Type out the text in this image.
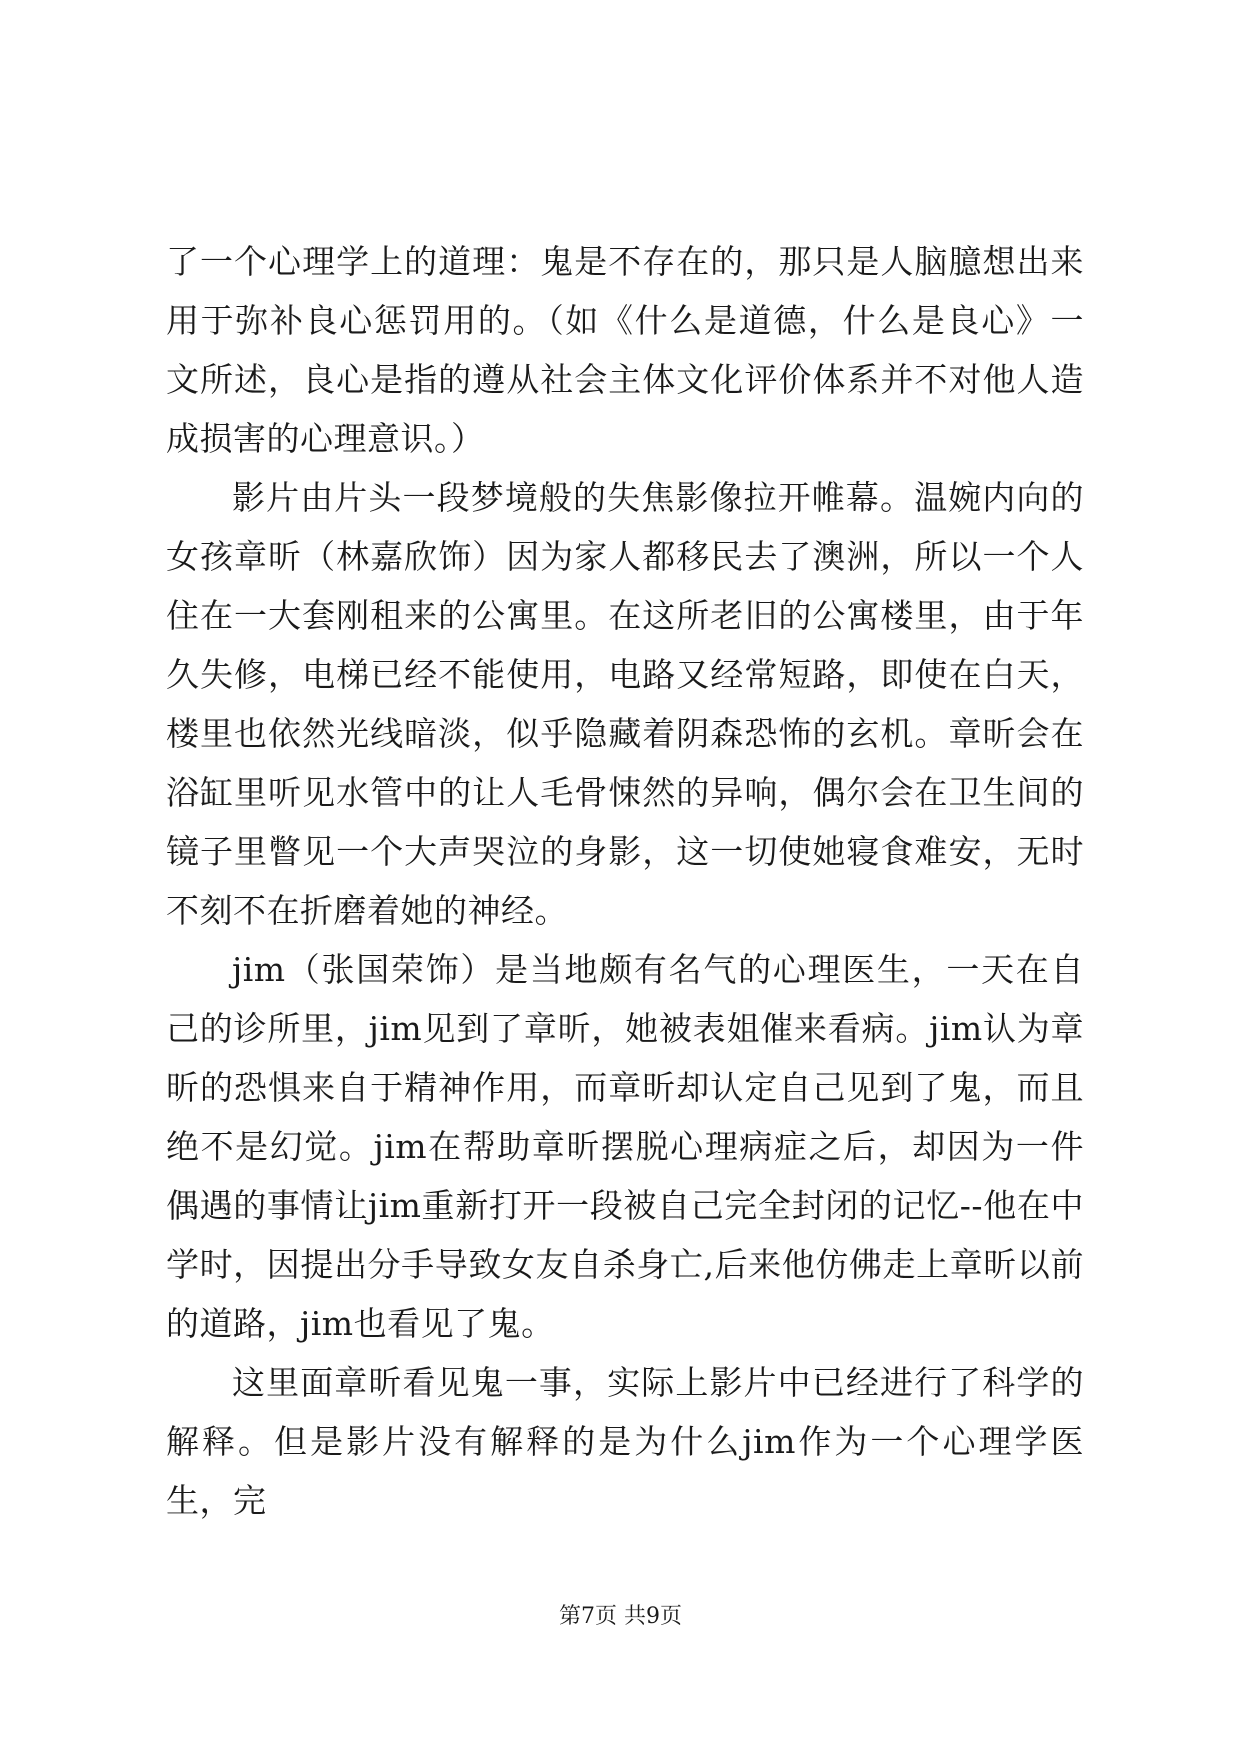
了一个心理学上的道理：鬼是不存在的，那只是人脑臆想出来用于弥补良心惩罚用的。（如《什么是道德，什么是良心》一文所述，良心是指的遵从社会主体文化评价体系并不对他人造成损害的心理意识。）

影片由片头一段梦境般的失焦影像拉开帷幕。温婉内向的女孩章昕（林嘉欣饰）因为家人都移民去了澳洲，所以一个人住在一大套刚租来的公寓里。在这所老旧的公寓楼里，由于年久失修，电梯已经不能使用，电路又经常短路，即使在白天，楼里也依然光线暗淡，似乎隐藏着阴森恐怖的玄机。章昕会在浴缸里听见水管中的让人毛骨悚然的异响，偶尔会在卫生间的镜子里瞥见一个大声哭泣的身影，这一切使她寝食难安，无时不刻不在折磨着她的神经。

jim（张国荣饰）是当地颇有名气的心理医生，一天在自己的诊所里，jim见到了章昕，她被表姐催来看病。jim认为章昕的恐惧来自于精神作用，而章昕却认定自己见到了鬼，而且绝不是幻觉。jim在帮助章昕摆脱心理病症之后，却因为一件偶遇的事情让jim重新打开一段被自己完全封闭的记忆--他在中学时，因提出分手导致女友自杀身亡,后来他仿佛走上章昕以前的道路，jim也看见了鬼。

这里面章昕看见鬼一事，实际上影片中已经进行了科学的解释。但是影片没有解释的是为什么jim作为一个心理学医生，完

第7页 共9页
